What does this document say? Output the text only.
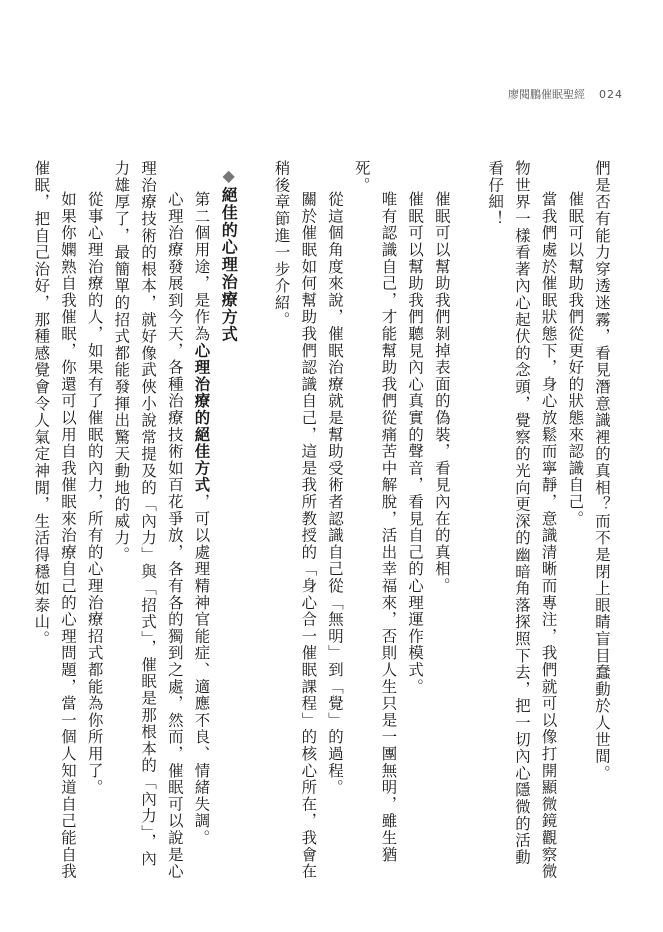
廖閱鵬催眠聖經 024

們是否有能力穿透迷霧，看見潛意識裡的真相？而不是閉上眼睛盲目蠢動於人世間。

催眠可以幫助我們從更好的狀態來認識自己。

當我們處於催眠狀態下，身心放鬆而寧靜，意識清晰而專注，我們就可以像打開顯微鏡觀察微物世界一樣看著內心起伏的念頭，覺察的光向更深的幽暗角落探照下去，把一切內心隱微的活動看仔細！

催眠可以幫助我們剝掉表面的偽裝，看見內在的真相。

催眠可以幫助我們聽見內心真實的聲音，看見自己的心理運作模式。

唯有認識自己，才能幫助我們從痛苦中解脫，活出幸福來，否則人生只是一團無明，雖生猶死。

從這個角度來說，催眠治療就是幫助受術者認識自己從「無明」到「覺」的過程。

關於催眠如何幫助我們認識自己，這是我所教授的「身心合一催眠課程」的核心所在，我會在稍後章節進一步介紹。

◆絕佳的心理治療方式

第二個用途，是作為心理治療的絕佳方式，可以處理精神官能症、適應不良、情緒失調。

心理治療發展到今天，各種治療技術如百花爭放，各有各的獨到之處，然而，催眠可以說是心理治療技術的根本，就好像武俠小說常提及的「內力」與「招式」，催眠是那根本的「內力」，內力雄厚了，最簡單的招式都能發揮出驚天動地的威力。

從事心理治療的人，如果有了催眠的內力，所有的心理治療招式都能為你所用了。

如果你嫻熟自我催眠，你還可以用自我催眠來治療自己的心理問題，當一個人知道自己能自我催眠，把自己治好，那種感覺會令人氣定神閒，生活得穩如泰山。
